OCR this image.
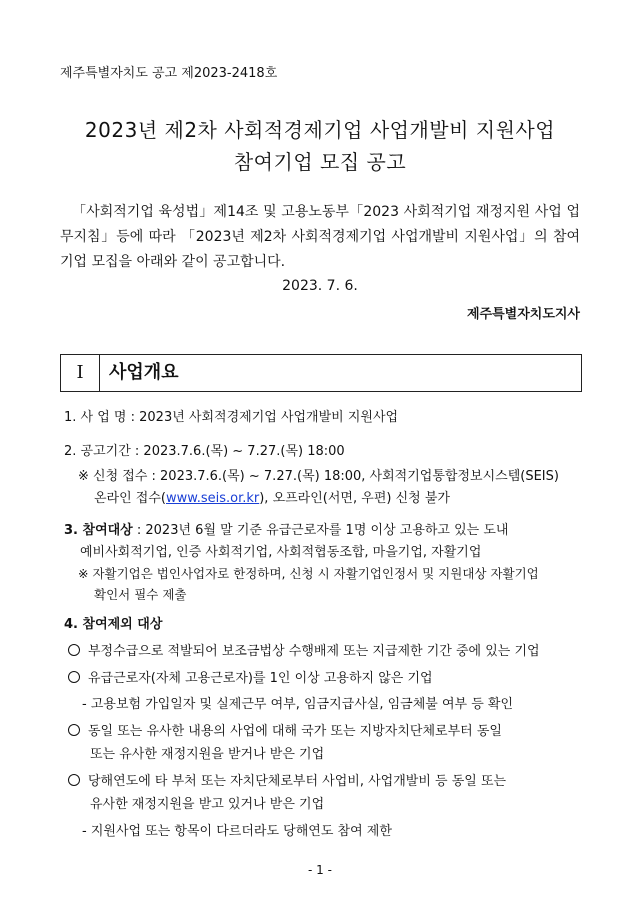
제주특별자치도 공고 제2023-2418호
2023년 제2차 사회적경제기업 사업개발비 지원사업
참여기업 모집 공고
「사회적기업 육성법」제14조 및 고용노동부「2023 사회적기업 재정지원 사업 업무지침」등에 따라 「2023년 제2차 사회적경제기업 사업개발비 지원사업」의 참여기업 모집을 아래와 같이 공고합니다.
2023. 7. 6.
제주특별자치도지사
Ⅰ	사업개요
1. 사 업 명 : 2023년 사회적경제기업 사업개발비 지원사업
2. 공고기간 : 2023.7.6.(목) ~ 7.27.(목) 18:00
※ 신청 접수 : 2023.7.6.(목) ~ 7.27.(목) 18:00, 사회적기업통합정보시스템(SEIS)
온라인 접수(www.seis.or.kr), 오프라인(서면, 우편) 신청 불가
3. 참여대상 : 2023년 6월 말 기준 유급근로자를 1명 이상 고용하고 있는 도내
예비사회적기업, 인증 사회적기업, 사회적협동조합, 마을기업, 자활기업
※ 자활기업은 법인사업자로 한정하며, 신청 시 자활기업인정서 및 지원대상 자활기업
확인서 필수 제출
4. 참여제외 대상
부정수급으로 적발되어 보조금법상 수행배제 또는 지급제한 기간 중에 있는 기업
유급근로자(자체 고용근로자)를 1인 이상 고용하지 않은 기업
- 고용보험 가입일자 및 실제근무 여부, 임금지급사실, 임금체불 여부 등 확인
동일 또는 유사한 내용의 사업에 대해 국가 또는 지방자치단체로부터 동일
또는 유사한 재정지원을 받거나 받은 기업
당해연도에 타 부처 또는 자치단체로부터 사업비, 사업개발비 등 동일 또는
유사한 재정지원을 받고 있거나 받은 기업
- 지원사업 또는 항목이 다르더라도 당해연도 참여 제한
- 1 -
